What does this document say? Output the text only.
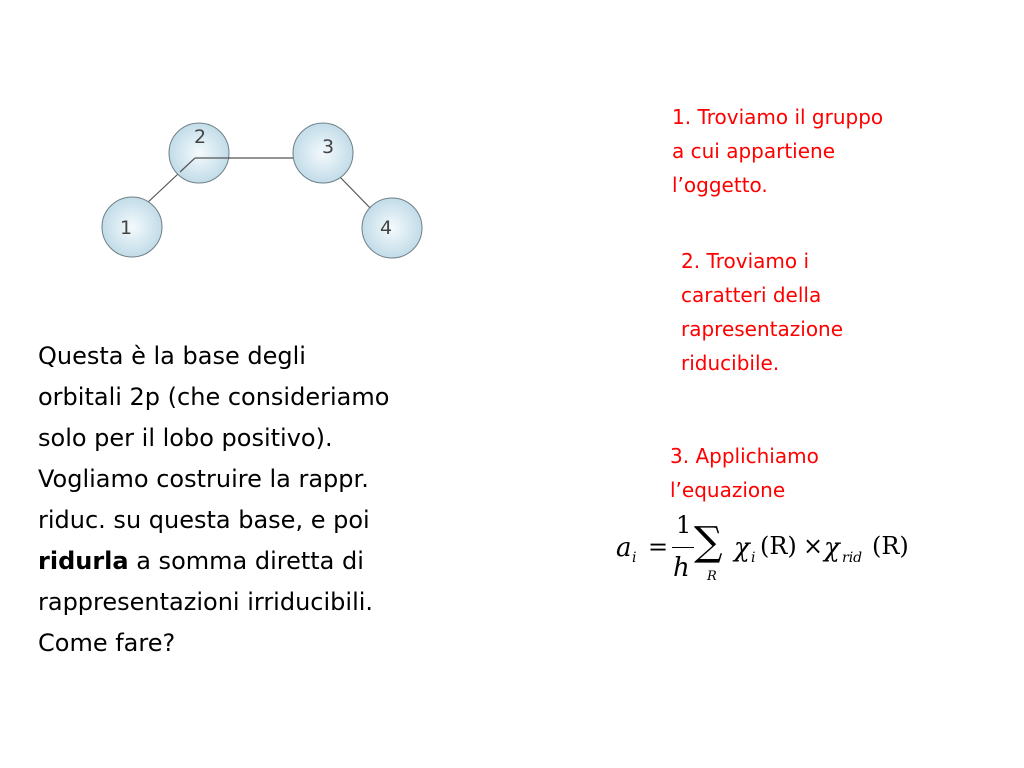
1
2	3
4
1. Troviamo il gruppo
a cui appartiene
l’oggetto.
2. Troviamo i
caratteri della
rapresentazione
riducibile.
3. Applichiamo
l’equazione
Questa è la base degli
orbitali 2p (che consideriamo
solo per il lobo positivo).
Vogliamo costruire la rappr.
riduc. su questa base, e poi
ridurla a somma diretta di
rappresentazioni irriducibili.
Come fare?
a i =
1
h
∑
R
χ i (R) × χ rid (R)
